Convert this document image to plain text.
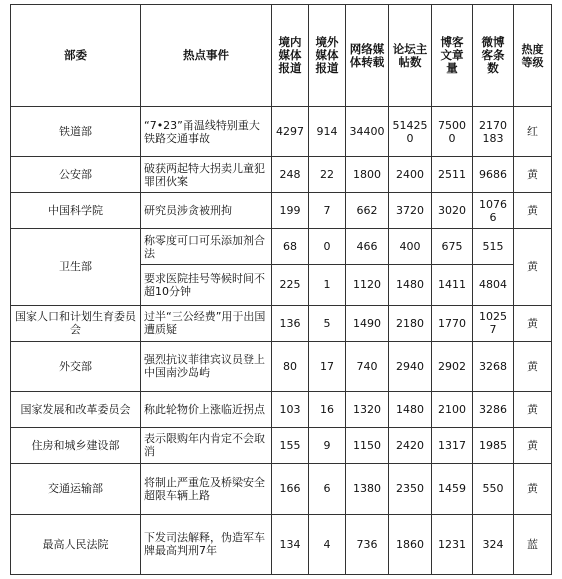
部委	热点事件	境内媒体报道	境外媒体报道	网络媒体转载	论坛主帖数	博客文章量	微博客条数	热度等级
铁道部	“7•23”甬温线特别重大铁路交通事故	4297	914	34400	514250	75000	2170183	红
公安部	破获两起特大拐卖儿童犯罪团伙案	248	22	1800	2400	2511	9686	黄
中国科学院	研究员涉贪被刑拘	199	7	662	3720	3020	10766	黄
卫生部	称零度可口可乐添加剂合法	68	0	466	400	675	515	黄
	要求医院挂号等候时间不超10分钟	225	1	1120	1480	1411	4804	
国家人口和计划生育委员会	过半“三公经费”用于出国遭质疑	136	5	1490	2180	1770	10257	黄
外交部	强烈抗议菲律宾议员登上中国南沙岛屿	80	17	740	2940	2902	3268	黄
国家发展和改革委员会	称此轮物价上涨临近拐点	103	16	1320	1480	2100	3286	黄
住房和城乡建设部	表示限购年内肯定不会取消	155	9	1150	2420	1317	1985	黄
交通运输部	将制止严重危及桥梁安全超限车辆上路	166	6	1380	2350	1459	550	黄
最高人民法院	下发司法解释，伪造军车牌最高判刑7年	134	4	736	1860	1231	324	蓝
